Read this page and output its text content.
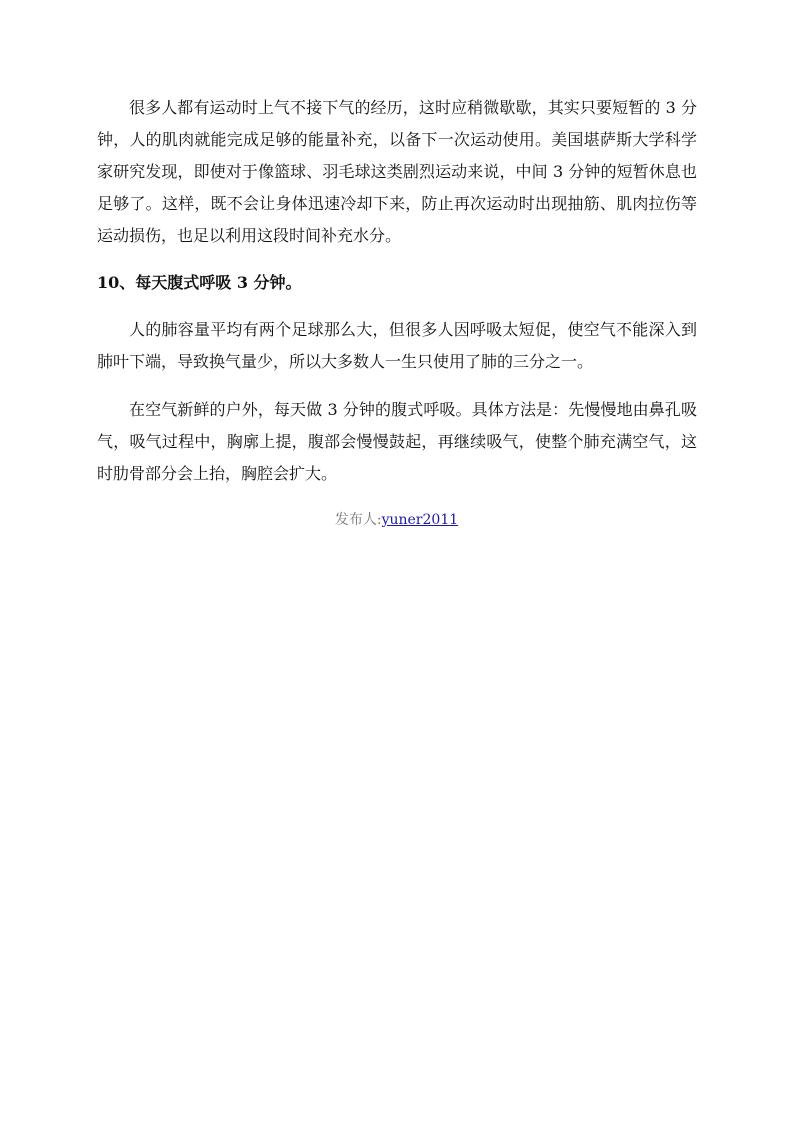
很多人都有运动时上气不接下气的经历，这时应稍微歇歇，其实只要短暂的 3 分
钟，人的肌肉就能完成足够的能量补充，以备下一次运动使用。美国堪萨斯大学科学
家研究发现，即使对于像篮球、羽毛球这类剧烈运动来说，中间 3 分钟的短暂休息也
足够了。这样，既不会让身体迅速冷却下来，防止再次运动时出现抽筋、肌肉拉伤等
运动损伤，也足以利用这段时间补充水分。
10、每天腹式呼吸 3 分钟。
人的肺容量平均有两个足球那么大，但很多人因呼吸太短促，使空气不能深入到
肺叶下端，导致换气量少，所以大多数人一生只使用了肺的三分之一。
在空气新鲜的户外，每天做 3 分钟的腹式呼吸。具体方法是：先慢慢地由鼻孔吸
气，吸气过程中，胸廓上提，腹部会慢慢鼓起，再继续吸气，使整个肺充满空气，这
时肋骨部分会上抬，胸腔会扩大。
发布人:yuner2011
